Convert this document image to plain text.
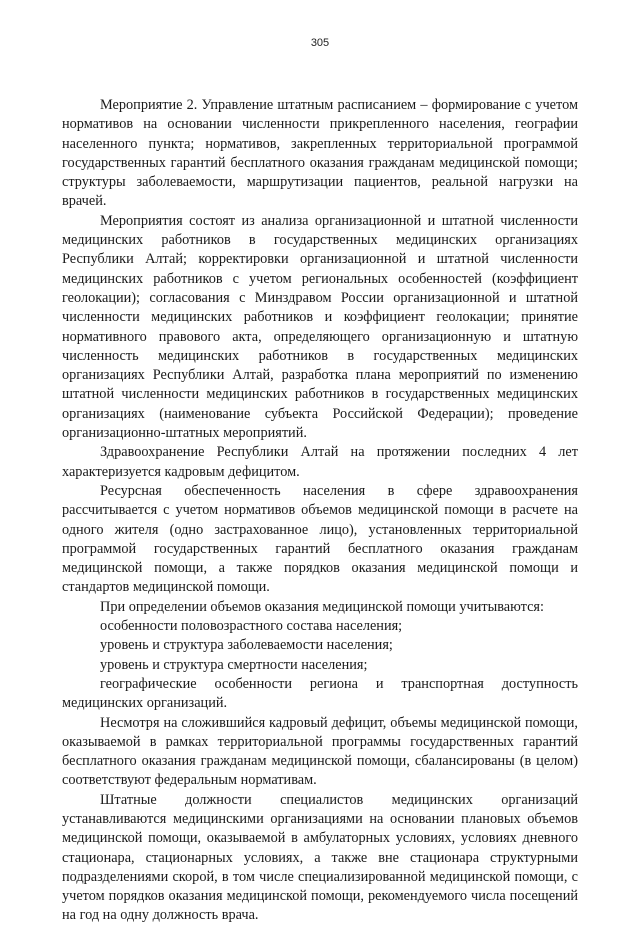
305

Мероприятие 2. Управление штатным расписанием – формирование с учетом нормативов на основании численности прикрепленного населения, географии населенного пункта; нормативов, закрепленных территориальной программой государственных гарантий бесплатного оказания гражданам медицинской помощи; структуры заболеваемости, маршрутизации пациентов, реальной нагрузки на врачей.

Мероприятия состоят из анализа организационной и штатной численности медицинских работников в государственных медицинских организациях Республики Алтай; корректировки организационной и штатной численности медицинских работников с учетом региональных особенностей (коэффициент геолокации); согласования с Минздравом России организационной и штатной численности медицинских работников и коэффициент геолокации; принятие нормативного правового акта, определяющего организационную и штатную численность медицинских работников в государственных медицинских организациях Республики Алтай, разработка плана мероприятий по изменению штатной численности медицинских работников в государственных медицинских организациях (наименование субъекта Российской Федерации); проведение организационно-штатных мероприятий.

Здравоохранение Республики Алтай на протяжении последних 4 лет характеризуется кадровым дефицитом.

Ресурсная обеспеченность населения в сфере здравоохранения рассчитывается с учетом нормативов объемов медицинской помощи в расчете на одного жителя (одно застрахованное лицо), установленных территориальной программой государственных гарантий бесплатного оказания гражданам медицинской помощи, а также порядков оказания медицинской помощи и стандартов медицинской помощи.

При определении объемов оказания медицинской помощи учитываются:

особенности половозрастного состава населения;

уровень и структура заболеваемости населения;

уровень и структура смертности населения;

географические особенности региона и транспортная доступность медицинских организаций.

Несмотря на сложившийся кадровый дефицит, объемы медицинской помощи, оказываемой в рамках территориальной программы государственных гарантий бесплатного оказания гражданам медицинской помощи, сбалансированы (в целом) соответствуют федеральным нормативам.

Штатные должности специалистов медицинских организаций устанавливаются медицинскими организациями на основании плановых объемов медицинской помощи, оказываемой в амбулаторных условиях, условиях дневного стационара, стационарных условиях, а также вне стационара структурными подразделениями скорой, в том числе специализированной медицинской помощи, с учетом порядков оказания медицинской помощи, рекомендуемого числа посещений на год на одну должность врача.
